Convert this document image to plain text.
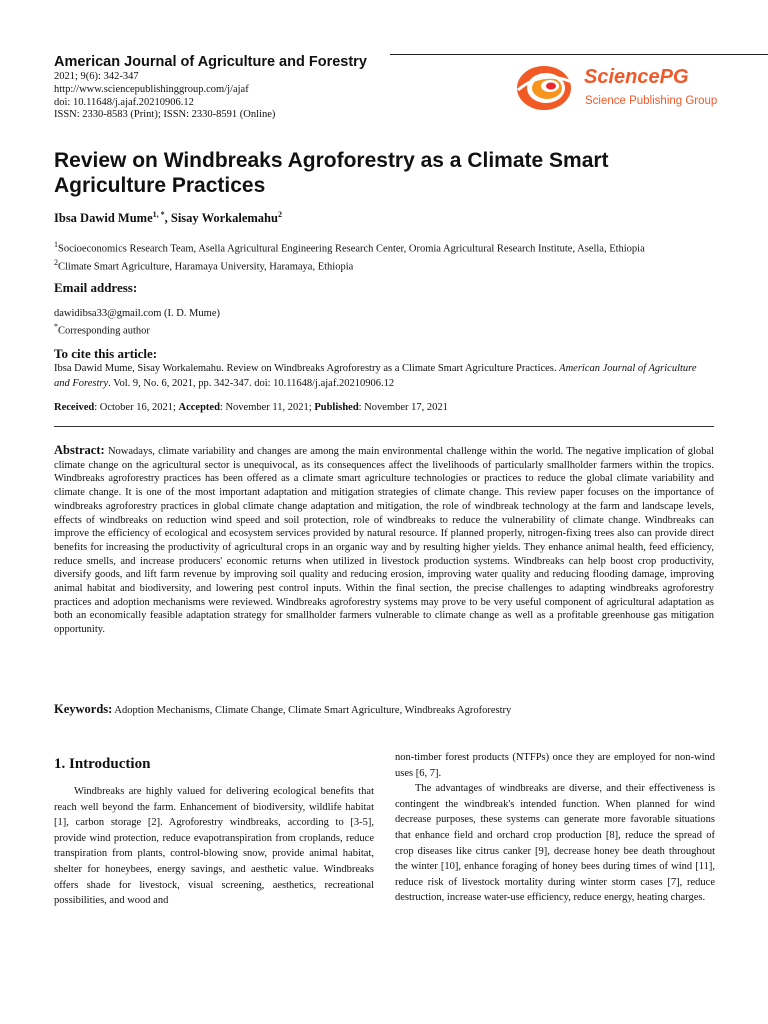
American Journal of Agriculture and Forestry
2021; 9(6): 342-347
http://www.sciencepublishinggroup.com/j/ajaf
doi: 10.11648/j.ajaf.20210906.12
ISSN: 2330-8583 (Print); ISSN: 2330-8591 (Online)
SciencePG
Science Publishing Group
Review on Windbreaks Agroforestry as a Climate Smart Agriculture Practices
Ibsa Dawid Mume$^{1, *}$, Sisay Workalemahu$^2$
$^1$Socioeconomics Research Team, Asella Agricultural Engineering Research Center, Oromia Agricultural Research Institute, Asella, Ethiopia
$^2$Climate Smart Agriculture, Haramaya University, Haramaya, Ethiopia
Email address:
dawidibsa33@gmail.com (I. D. Mume)
*Corresponding author
To cite this article:
Ibsa Dawid Mume, Sisay Workalemahu. Review on Windbreaks Agroforestry as a Climate Smart Agriculture Practices. American Journal of Agriculture and Forestry. Vol. 9, No. 6, 2021, pp. 342-347. doi: 10.11648/j.ajaf.20210906.12
Received: October 16, 2021; Accepted: November 11, 2021; Published: November 17, 2021
Abstract: Nowadays, climate variability and changes are among the main environmental challenge within the world. The negative implication of global climate change on the agricultural sector is unequivocal, as its consequences affect the livelihoods of particularly smallholder farmers within the tropics. Windbreaks agroforestry practices has been offered as a climate smart agriculture technologies or practices to reduce the global climate variability and climate change. It is one of the most important adaptation and mitigation strategies of climate change. This review paper focuses on the importance of windbreaks agroforestry practices in global climate change adaptation and mitigation, the role of windbreak technology at the farm and landscape levels, effects of windbreaks on reduction wind speed and soil protection, role of windbreaks to reduce the vulnerability of climate change. Windbreaks can improve the efficiency of ecological and ecosystem services provided by natural resource. If planned properly, nitrogen-fixing trees also can provide direct benefits for increasing the productivity of agricultural crops in an organic way and by resulting higher yields. They enhance animal health, feed efficiency, reduce smells, and increase producers' economic returns when utilized in livestock production systems. Windbreaks can help boost crop productivity, diversify goods, and lift farm revenue by improving soil quality and reducing erosion, improving water quality and reducing flooding damage, improving animal habitat and biodiversity, and lowering pest control inputs. Within the final section, the precise challenges to adapting windbreaks agroforestry practices and adoption mechanisms were reviewed. Windbreaks agroforestry systems may prove to be very useful component of agricultural adaptation as both an economically feasible adaptation strategy for smallholder farmers vulnerable to climate change as well as a profitable greenhouse gas mitigation opportunity.
Keywords: Adoption Mechanisms, Climate Change, Climate Smart Agriculture, Windbreaks Agroforestry
1. Introduction

Windbreaks are highly valued for delivering ecological benefits that reach well beyond the farm. Enhancement of biodiversity, wildlife habitat [1], carbon storage [2]. Agroforestry windbreaks, according to [3-5], provide wind protection, reduce evapotranspiration from croplands, reduce transpiration from plants, control-blowing snow, provide animal habitat, shelter for honeybees, energy savings, and aesthetic value. Windbreaks offers shade for livestock, visual screening, aesthetics, recreational possibilities, and wood and

non-timber forest products (NTFPs) once they are employed for non-wind uses [6, 7].

The advantages of windbreaks are diverse, and their effectiveness is contingent the windbreak's intended function. When planned for wind decrease purposes, these systems can generate more favorable situations that enhance field and orchard crop production [8], reduce the spread of crop diseases like citrus canker [9], decrease honey bee death throughout the winter [10], enhance foraging of honey bees during times of wind [11], reduce risk of livestock mortality during winter storm cases [7], reduce destruction, increase water-use efficiency, reduce energy, heating charges.
